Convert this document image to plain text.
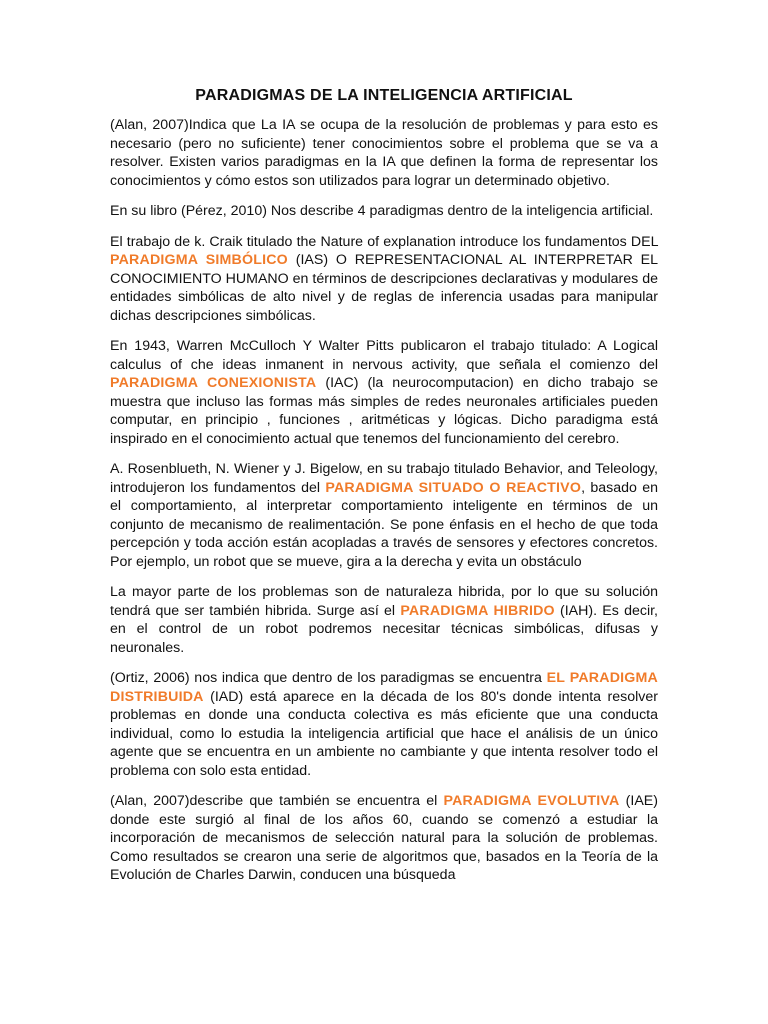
PARADIGMAS DE LA INTELIGENCIA ARTIFICIAL

(Alan, 2007)Indica que La IA se ocupa de la resolución de problemas y para esto es necesario (pero no suficiente) tener conocimientos sobre el problema que se va a resolver. Existen varios paradigmas en la IA que definen la forma de representar los conocimientos y cómo estos son utilizados para lograr un determinado objetivo.

En su libro (Pérez, 2010) Nos describe 4 paradigmas dentro de la inteligencia artificial.

El trabajo de k. Craik titulado the Nature of explanation introduce los fundamentos DEL PARADIGMA SIMBÓLICO (IAS) O REPRESENTACIONAL AL INTERPRETAR EL CONOCIMIENTO HUMANO en términos de descripciones declarativas y modulares de entidades simbólicas de alto nivel y de reglas de inferencia usadas para manipular dichas descripciones simbólicas.

En 1943, Warren McCulloch Y Walter Pitts publicaron el trabajo titulado: A Logical calculus of che ideas inmanent in nervous activity, que señala el comienzo del PARADIGMA CONEXIONISTA (IAC) (la neurocomputacion) en dicho trabajo se muestra que incluso las formas más simples de redes neuronales artificiales pueden computar, en principio , funciones , aritméticas y lógicas. Dicho paradigma está inspirado en el conocimiento actual que tenemos del funcionamiento del cerebro.

A. Rosenblueth, N. Wiener y J. Bigelow, en su trabajo titulado Behavior, and Teleology, introdujeron los fundamentos del PARADIGMA SITUADO O REACTIVO, basado en el comportamiento, al interpretar comportamiento inteligente en términos de un conjunto de mecanismo de realimentación. Se pone énfasis en el hecho de que toda percepción y toda acción están acopladas a través de sensores y efectores concretos. Por ejemplo, un robot que se mueve, gira a la derecha y evita un obstáculo

La mayor parte de los problemas son de naturaleza hibrida, por lo que su solución tendrá que ser también hibrida. Surge así el PARADIGMA HIBRIDO (IAH). Es decir, en el control de un robot podremos necesitar técnicas simbólicas, difusas y neuronales.

(Ortiz, 2006) nos indica que dentro de los paradigmas se encuentra EL PARADIGMA DISTRIBUIDA (IAD) está aparece en la década de los 80's donde intenta resolver problemas en donde una conducta colectiva es más eficiente que una conducta individual, como lo estudia la inteligencia artificial que hace el análisis de un único agente que se encuentra en un ambiente no cambiante y que intenta resolver todo el problema con solo esta entidad.

(Alan, 2007)describe que también se encuentra el PARADIGMA EVOLUTIVA (IAE) donde este surgió al final de los años 60, cuando se comenzó a estudiar la incorporación de mecanismos de selección natural para la solución de problemas. Como resultados se crearon una serie de algoritmos que, basados en la Teoría de la Evolución de Charles Darwin, conducen una búsqueda
